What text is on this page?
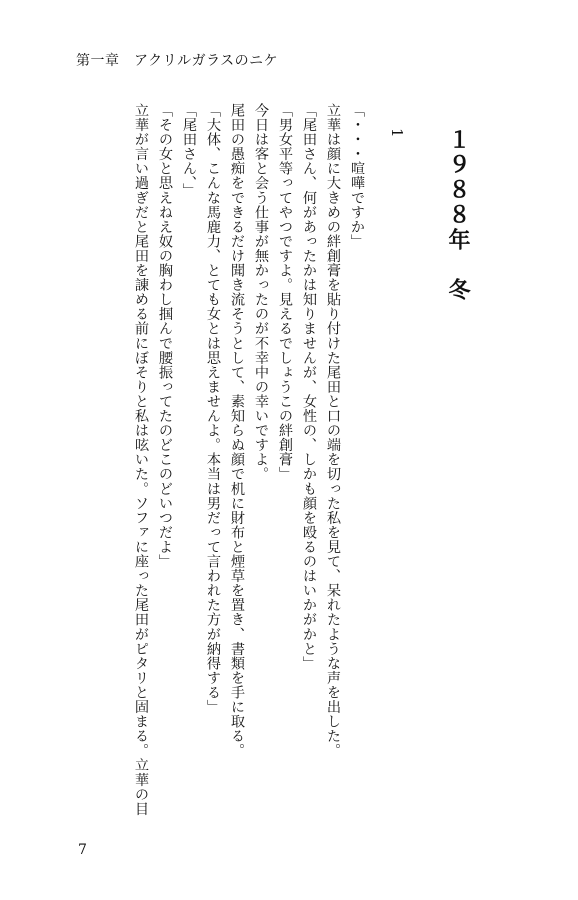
第一章　アクリルガラスのニケ
１９８８年　冬
1
「・・・喧嘩ですか」
立華は顔に大きめの絆創膏を貼り付けた尾田と口の端を切った私を見て、呆れたような声を出した。
「尾田さん、何があったかは知りませんが、女性の、しかも顔を殴るのはいかがかと」
「男女平等ってやつですよ。見えるでしょうこの絆創膏」
今日は客と会う仕事が無かったのが不幸中の幸いですよ。
尾田の愚痴をできるだけ聞き流そうとして、素知らぬ顔で机に財布と煙草を置き、書類を手に取る。
「大体、こんな馬鹿力、とても女とは思えませんよ。本当は男だって言われた方が納得する」
「尾田さん、」
「その女と思えねえ奴の胸わし掴んで腰振ってたのどこのどいつだよ」
立華が言い過ぎだと尾田を諌める前にぼそりと私は呟いた。ソファに座った尾田がピタリと固まる。立華の目
7
